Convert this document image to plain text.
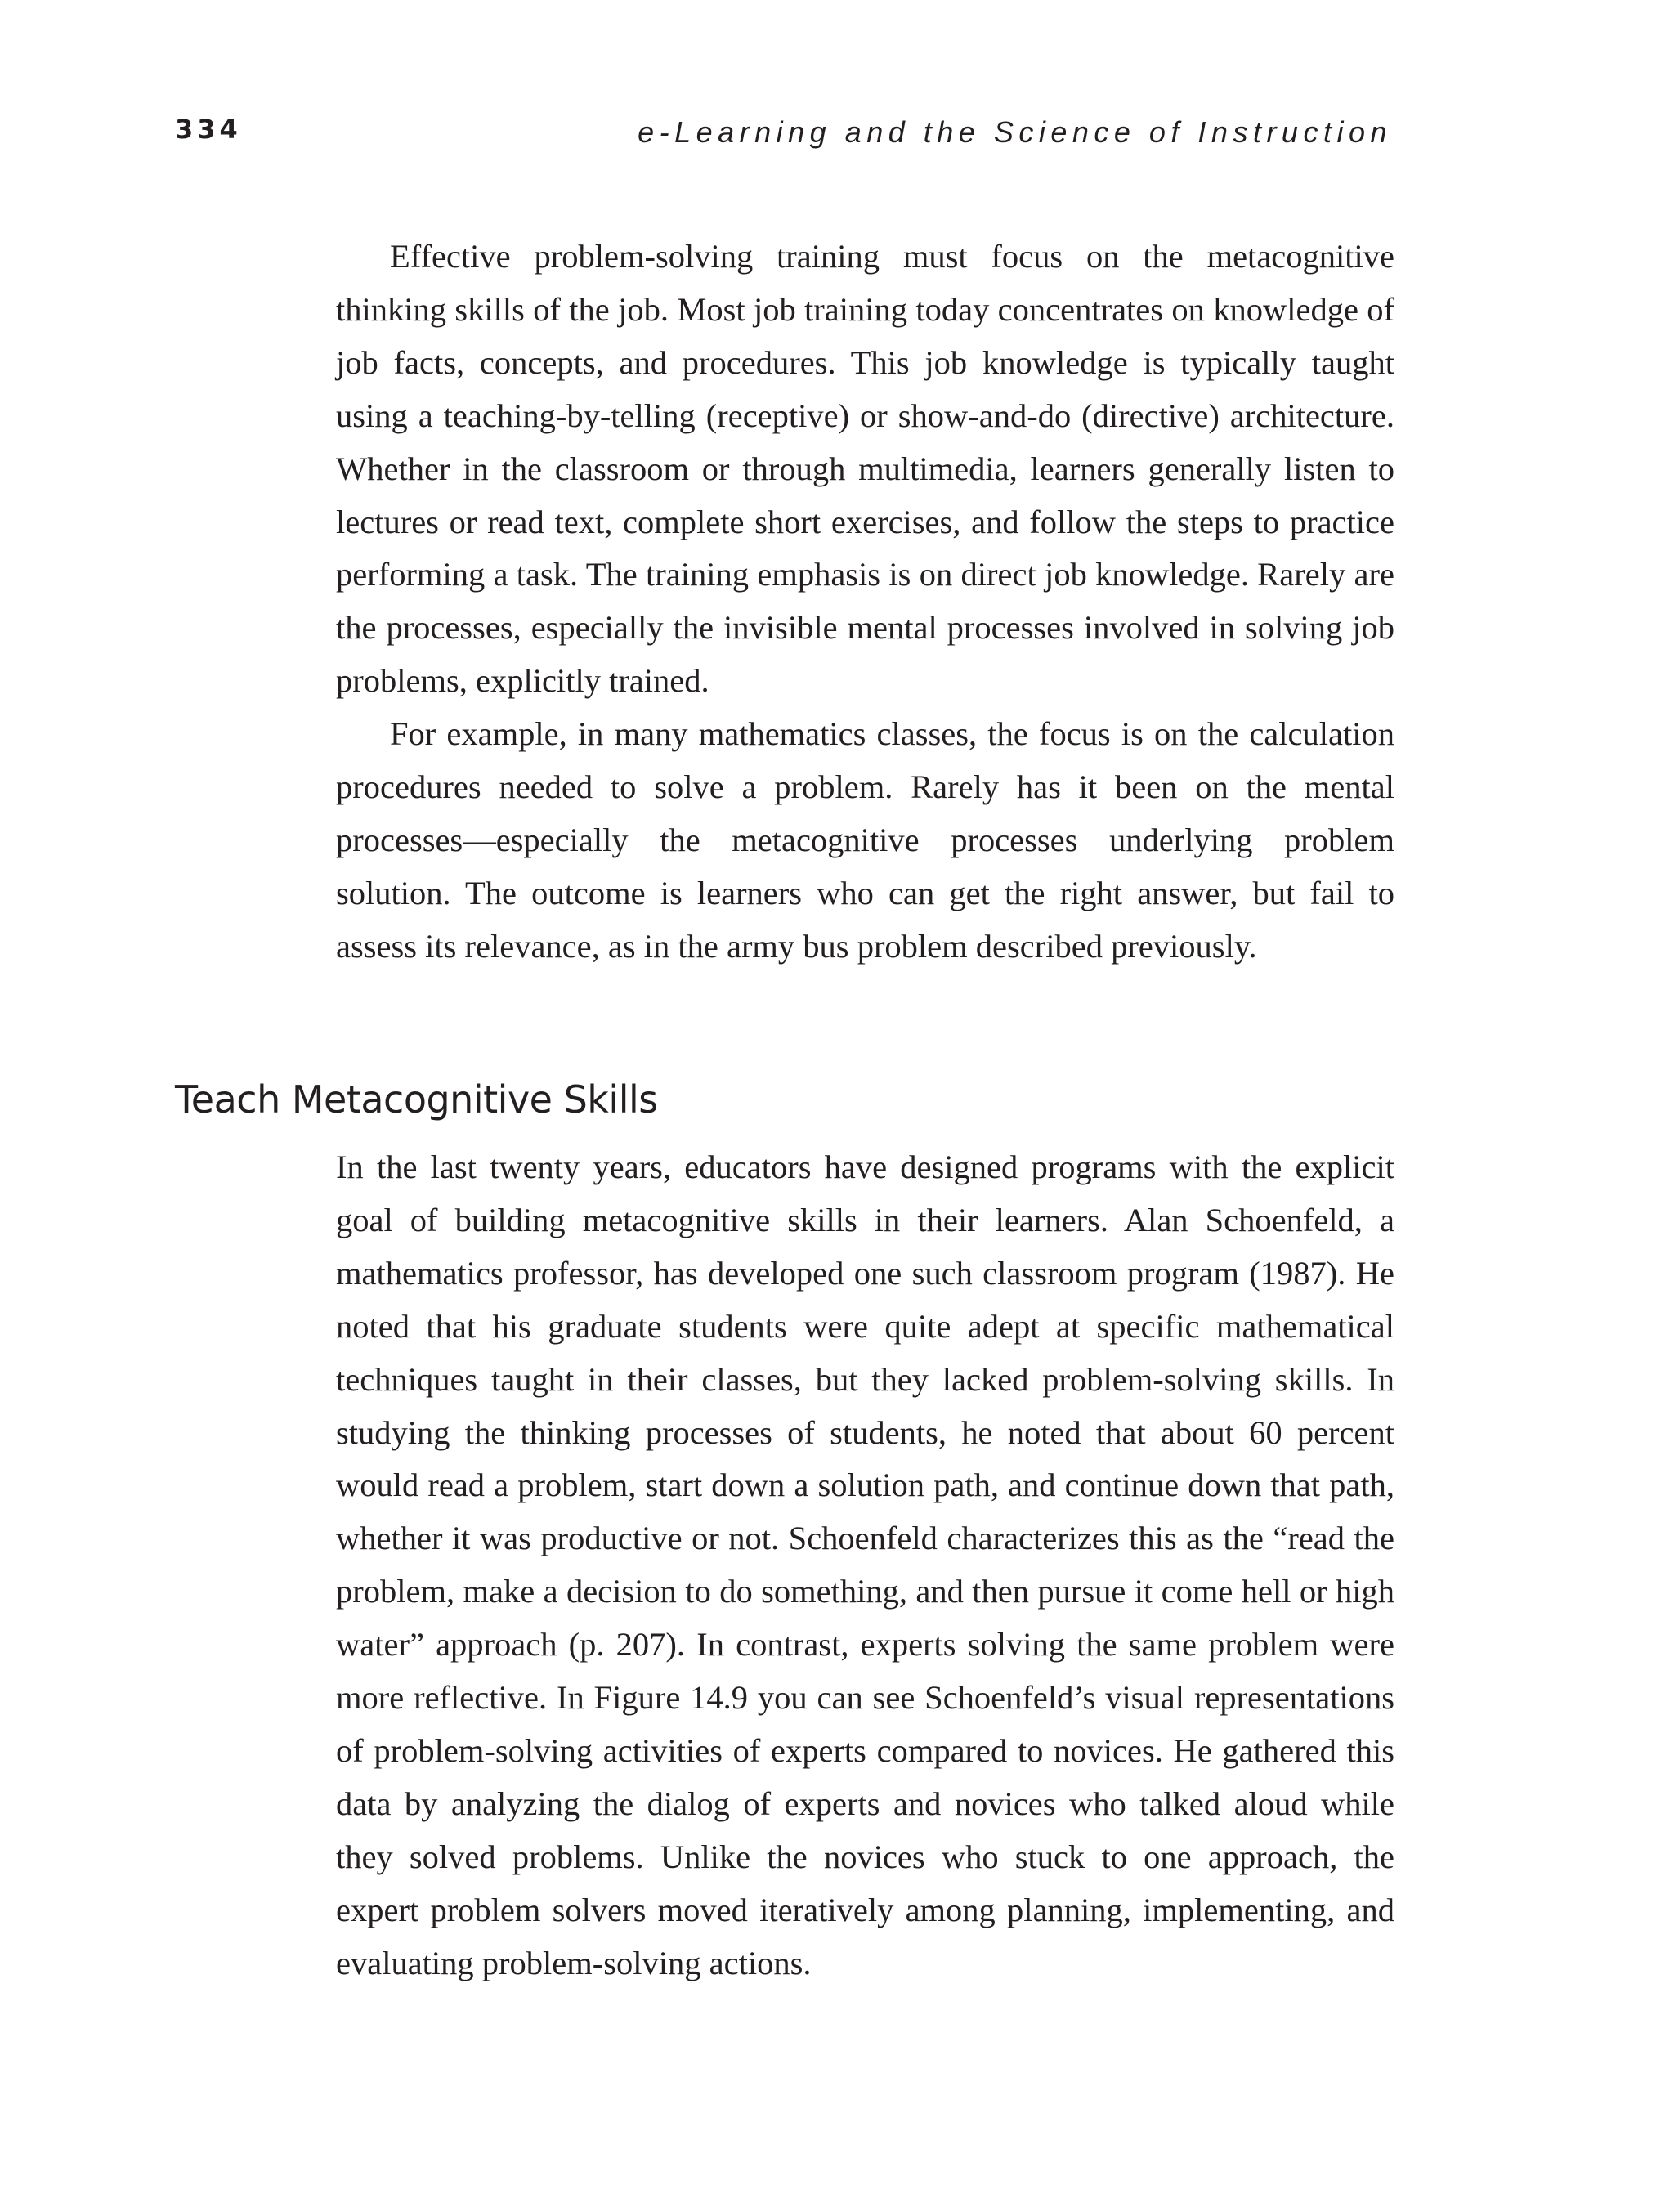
334	e-Learning and the Science of Instruction

Effective problem-solving training must focus on the metacognitive thinking skills of the job. Most job training today concentrates on knowledge of job facts, concepts, and procedures. This job knowledge is typically taught using a teaching-by-telling (receptive) or show-and-do (directive) architecture. Whether in the classroom or through multimedia, learners generally listen to lectures or read text, complete short exercises, and follow the steps to practice performing a task. The training emphasis is on direct job knowledge. Rarely are the processes, especially the invisible mental processes involved in solving job problems, explicitly trained.

For example, in many mathematics classes, the focus is on the calculation procedures needed to solve a problem. Rarely has it been on the mental processes—especially the metacognitive processes underlying problem solution. The outcome is learners who can get the right answer, but fail to assess its relevance, as in the army bus problem described previously.

Teach Metacognitive Skills

In the last twenty years, educators have designed programs with the explicit goal of building metacognitive skills in their learners. Alan Schoenfeld, a mathematics professor, has developed one such classroom program (1987). He noted that his graduate students were quite adept at specific mathematical techniques taught in their classes, but they lacked problem-solving skills. In studying the thinking processes of students, he noted that about 60 percent would read a problem, start down a solution path, and continue down that path, whether it was productive or not. Schoenfeld characterizes this as the “read the problem, make a decision to do something, and then pursue it come hell or high water” approach (p. 207). In contrast, experts solving the same problem were more reflective. In Figure 14.9 you can see Schoenfeld’s visual representations of problem-solving activities of experts compared to novices. He gathered this data by analyzing the dialog of experts and novices who talked aloud while they solved problems. Unlike the novices who stuck to one approach, the expert problem solvers moved iteratively among planning, implementing, and evaluating problem-solving actions.
